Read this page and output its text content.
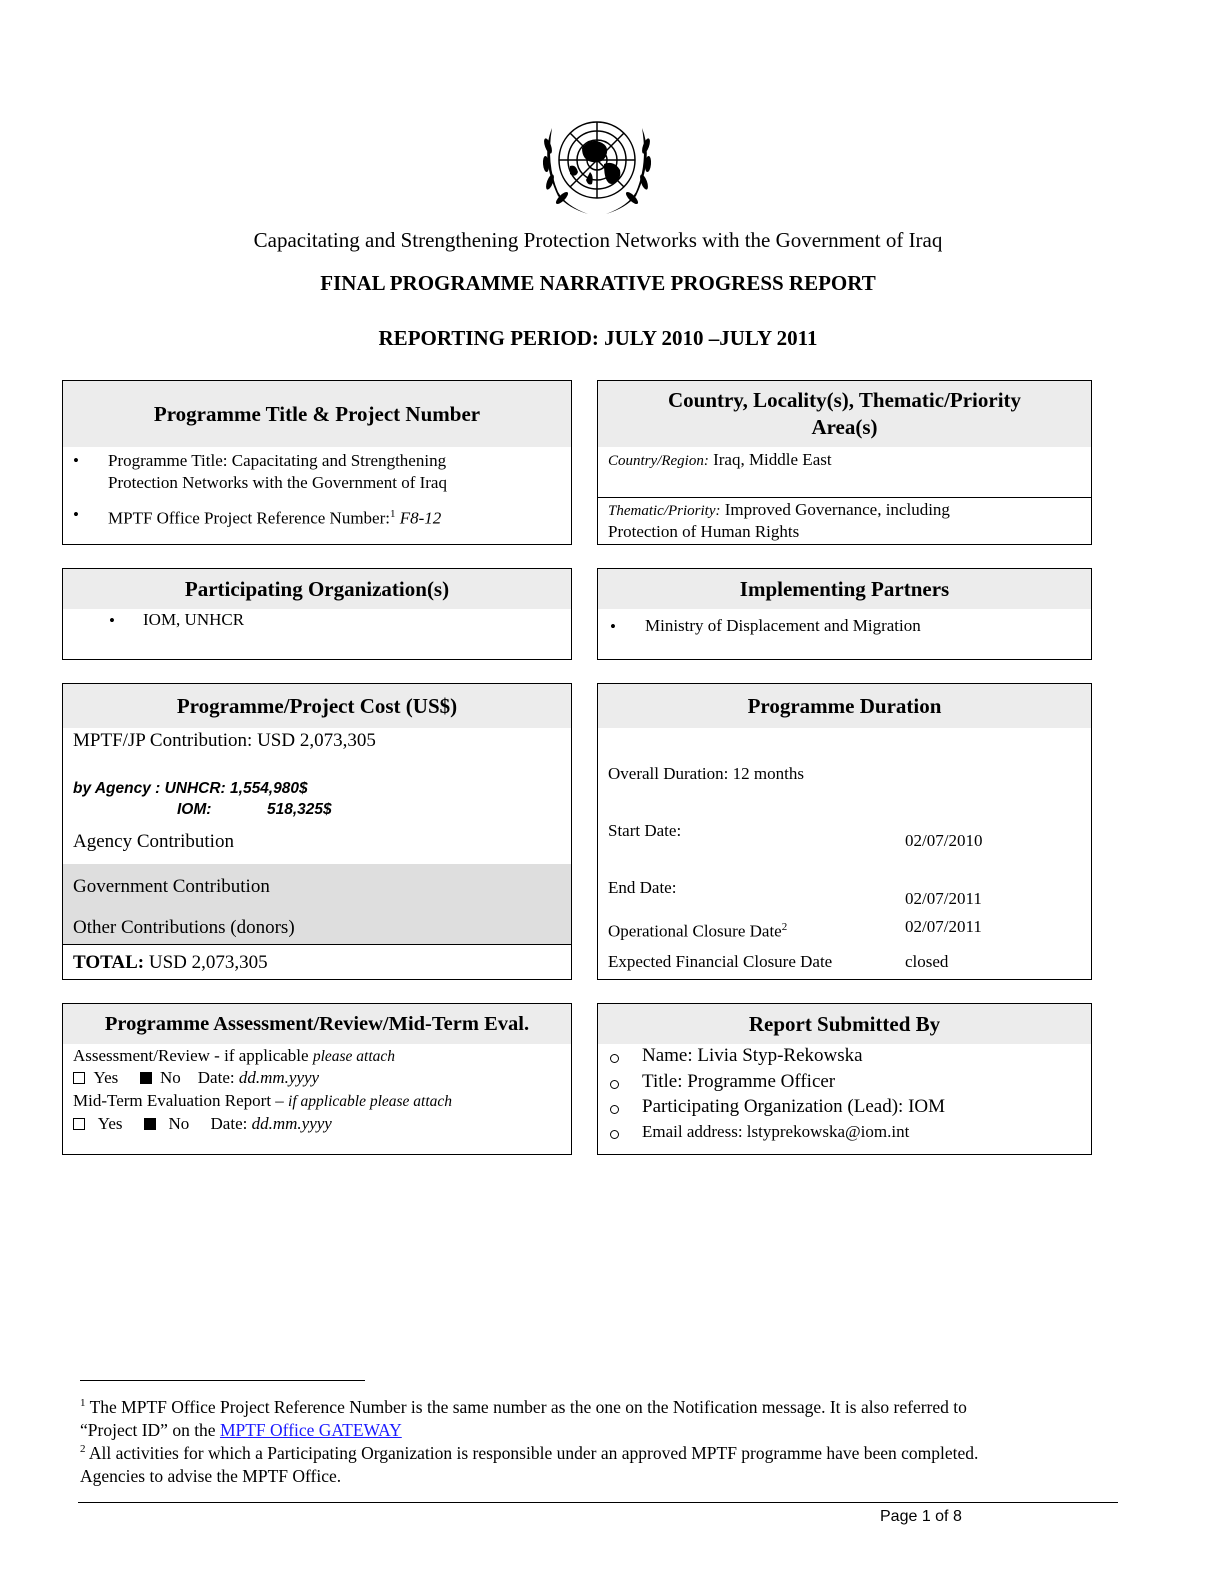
Capacitating and Strengthening Protection Networks with the Government of Iraq
FINAL PROGRAMME NARRATIVE PROGRESS REPORT
REPORTING PERIOD: JULY 2010 –JULY 2011
Programme Title & Project Number
• Programme Title: Capacitating and Strengthening
Protection Networks with the Government of Iraq
• MPTF Office Project Reference Number:$^1$ F8-12
Country, Locality(s), Thematic/Priority
Area(s)
Country/Region: Iraq, Middle East
Thematic/Priority: Improved Governance, including
Protection of Human Rights
Participating Organization(s)
• IOM, UNHCR
Implementing Partners
• Ministry of Displacement and Migration
Programme/Project Cost (US$)
MPTF/JP Contribution: USD 2,073,305
by Agency : UNHCR: 1,554,980$
IOM:	518,325$
Agency Contribution
Government Contribution
Other Contributions (donors)
TOTAL: USD 2,073,305
Programme Duration
Overall Duration: 12 months
Start Date:
02/07/2010
End Date:
02/07/2011
Operational Closure Date$^2$	02/07/2011
Expected Financial Closure Date	closed
Programme Assessment/Review/Mid-Term Eval.
Assessment/Review - if applicable please attach
Yes No Date: dd.mm.yyyy
Mid-Term Evaluation Report – if applicable please attach
Yes	No Date: dd.mm.yyyy
Report Submitted By
Name: Livia Styp-Rekowska
Title: Programme Officer
Participating Organization (Lead): IOM
Email address: lstyprekowska@iom.int
$^1$ The MPTF Office Project Reference Number is the same number as the one on the Notification message. It is also referred to
“Project ID” on the MPTF Office GATEWAY
$^2$ All activities for which a Participating Organization is responsible under an approved MPTF programme have been completed.
Agencies to advise the MPTF Office.
Page 1 of 8
